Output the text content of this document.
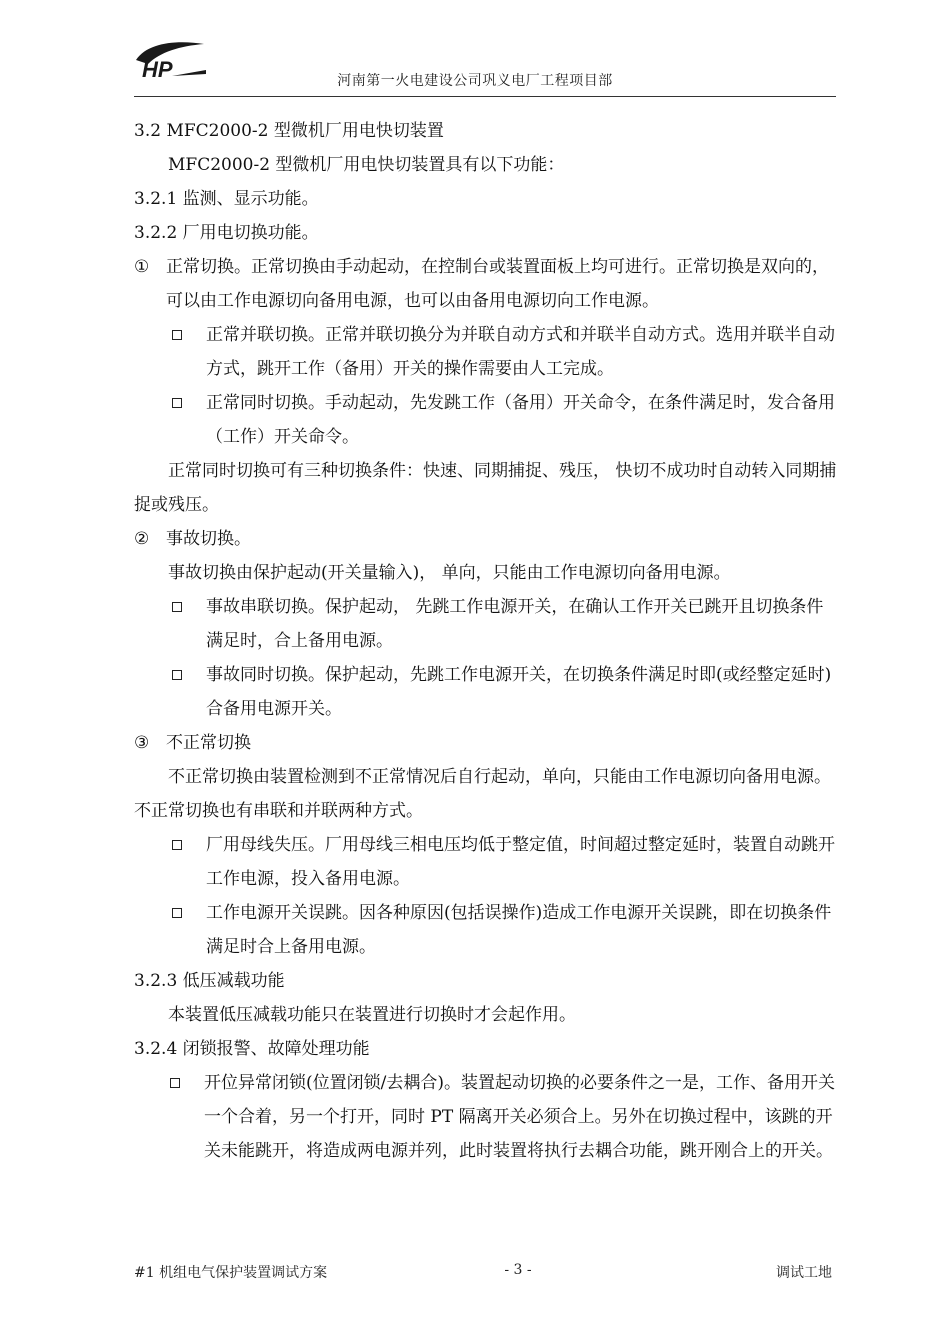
HP	河南第一火电建设公司巩义电厂工程项目部

3.2 MFC2000-2 型微机厂用电快切装置

MFC2000-2 型微机厂用电快切装置具有以下功能：

3.2.1 监测、显示功能。

3.2.2 厂用电切换功能。

① 正常切换。正常切换由手动起动，在控制台或装置面板上均可进行。正常切换是双向的，可以由工作电源切向备用电源，也可以由备用电源切向工作电源。

正常并联切换。正常并联切换分为并联自动方式和并联半自动方式。选用并联半自动方式，跳开工作（备用）开关的操作需要由人工完成。
正常同时切换。手动起动，先发跳工作（备用）开关命令，在条件满足时，发合备用（工作）开关命令。

正常同时切换可有三种切换条件：快速、同期捕捉、残压， 快切不成功时自动转入同期捕捉或残压。

② 事故切换。

事故切换由保护起动(开关量输入)， 单向，只能由工作电源切向备用电源。

事故串联切换。保护起动， 先跳工作电源开关，在确认工作开关已跳开且切换条件满足时，合上备用电源。
事故同时切换。保护起动，先跳工作电源开关，在切换条件满足时即(或经整定延时)合备用电源开关。

③ 不正常切换

不正常切换由装置检测到不正常情况后自行起动，单向，只能由工作电源切向备用电源。不正常切换也有串联和并联两种方式。

厂用母线失压。厂用母线三相电压均低于整定值，时间超过整定延时，装置自动跳开工作电源，投入备用电源。
工作电源开关误跳。因各种原因(包括误操作)造成工作电源开关误跳，即在切换条件满足时合上备用电源。

3.2.3 低压减载功能

本装置低压减载功能只在装置进行切换时才会起作用。

3.2.4 闭锁报警、故障处理功能

开位异常闭锁(位置闭锁/去耦合)。装置起动切换的必要条件之一是，工作、备用开关一个合着，另一个打开，同时 PT 隔离开关必须合上。另外在切换过程中，该跳的开关未能跳开，将造成两电源并列，此时装置将执行去耦合功能，跳开刚合上的开关。
#1 机组电气保护装置调试方案	- 3 -	调试工地
